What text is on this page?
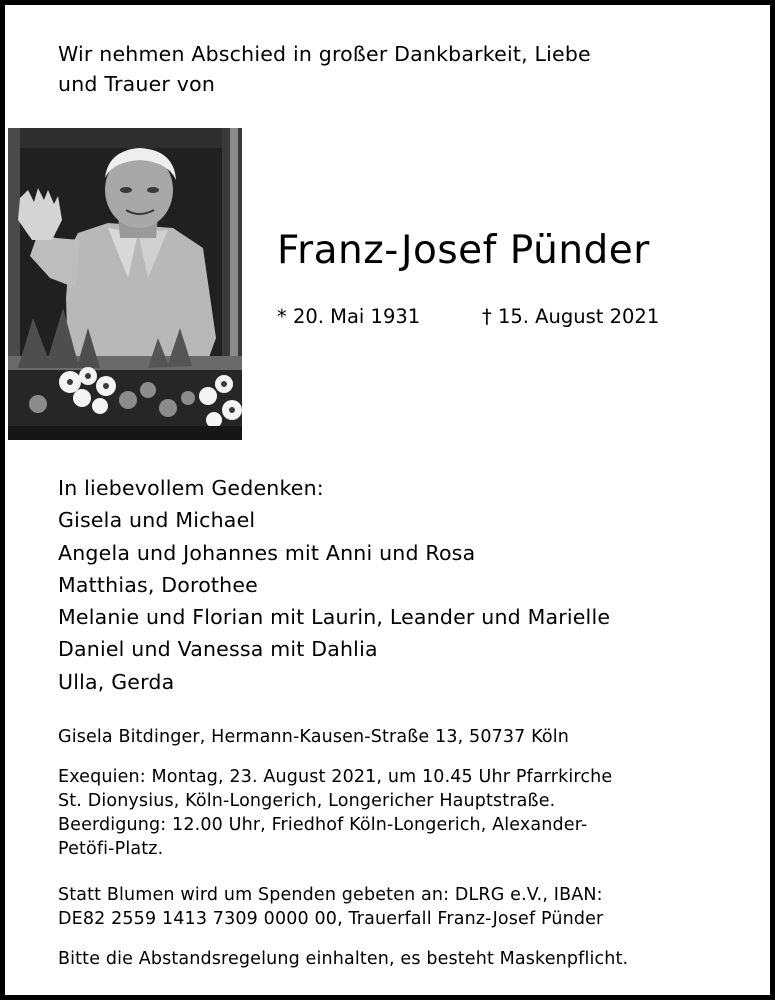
Wir nehmen Abschied in großer Dankbarkeit, Liebe
und Trauer von
Franz-Josef Pünder
* 20. Mai 1931	† 15. August 2021
In liebevollem Gedenken:
Gisela und Michael
Angela und Johannes mit Anni und Rosa
Matthias, Dorothee
Melanie und Florian mit Laurin, Leander und Marielle
Daniel und Vanessa mit Dahlia
Ulla, Gerda
Gisela Bitdinger, Hermann-Kausen-Straße 13, 50737 Köln
Exequien: Montag, 23. August 2021, um 10.45 Uhr Pfarrkirche
St. Dionysius, Köln-Longerich, Longericher Hauptstraße.
Beerdigung: 12.00 Uhr, Friedhof Köln-Longerich, Alexander-
Petöfi-Platz.
Statt Blumen wird um Spenden gebeten an: DLRG e.V., IBAN:
DE82 2559 1413 7309 0000 00, Trauerfall Franz-Josef Pünder
Bitte die Abstandsregelung einhalten, es besteht Maskenpflicht.
